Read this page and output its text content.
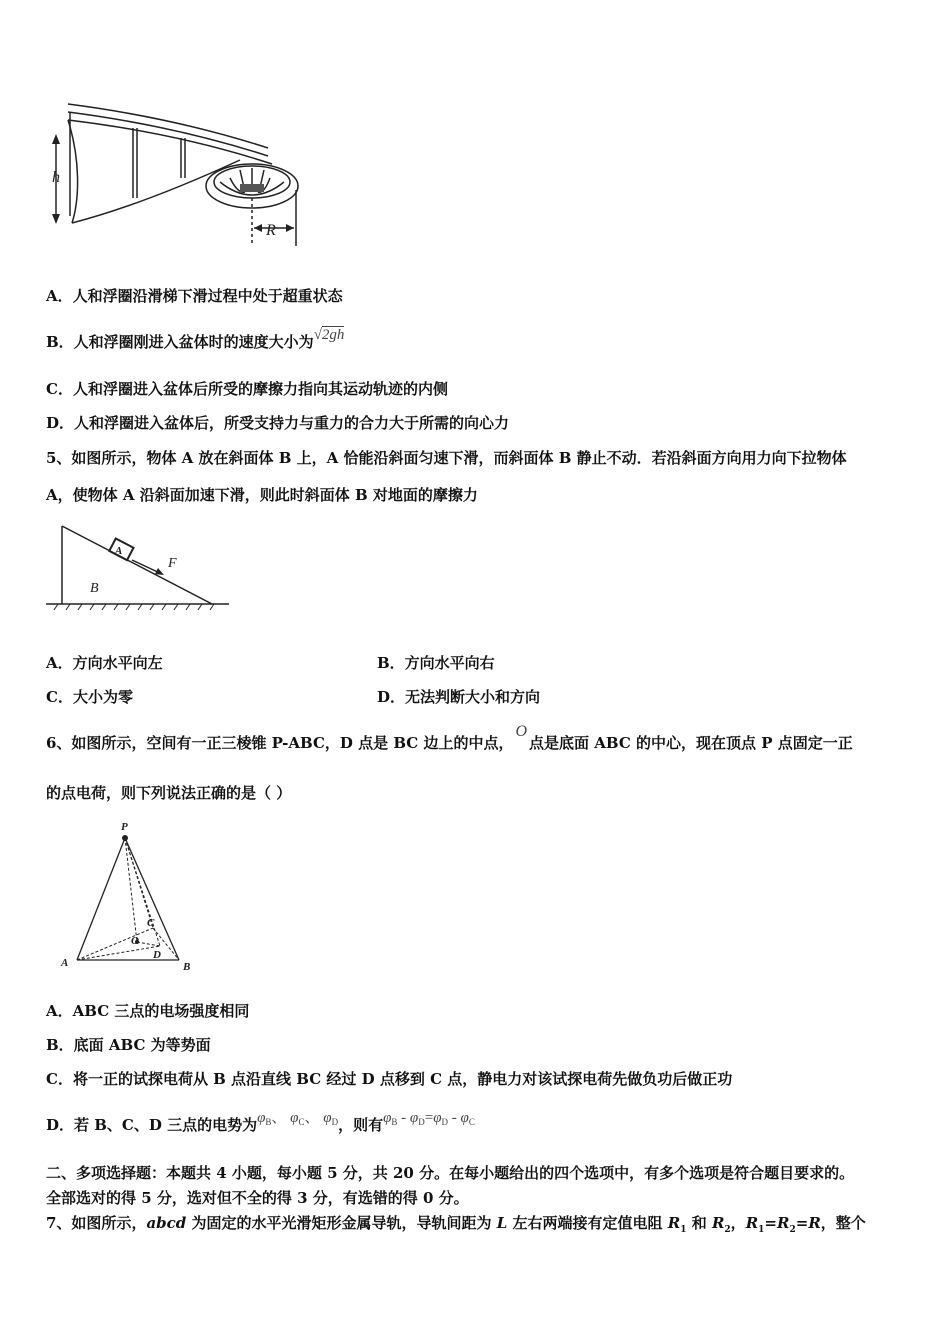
h
R
A．人和浮圈沿滑梯下滑过程中处于超重状态
B．人和浮圈刚进入盆体时的速度大小为√2gh
C．人和浮圈进入盆体后所受的摩擦力指向其运动轨迹的内侧
D．人和浮圈进入盆体后，所受支持力与重力的合力大于所需的向心力
5、如图所示，物体 A 放在斜面体 B 上，A 恰能沿斜面匀速下滑，而斜面体 B 静止不动．若沿斜面方向用力向下拉物体
A，使物体 A 沿斜面加速下滑，则此时斜面体 B 对地面的摩擦力
A
B
F
A．方向水平向左	B．方向水平向右
C．大小为零	D．无法判断大小和方向
6、如图所示，空间有一正三棱锥 P-ABC，D 点是 BC 边上的中点，O点是底面 ABC 的中心，现在顶点 P 点固定一正
的点电荷，则下列说法正确的是（ ）
P
A	B
C
D
O
A．ABC 三点的电场强度相同
B．底面 ABC 为等势面
C．将一正的试探电荷从 B 点沿直线 BC 经过 D 点移到 C 点，静电力对该试探电荷先做负功后做正功
D．若 B、C、D 三点的电势为$\varphi_B$、 $\varphi_C$、 $\varphi_D$，则有$\varphi_B - \varphi_D=\varphi_D - \varphi_C$
二、多项选择题：本题共 4 小题，每小题 5 分，共 20 分。在每小题给出的四个选项中，有多个选项是符合题目要求的。
全部选对的得 5 分，选对但不全的得 3 分，有选错的得 0 分。
7、如图所示，abcd 为固定的水平光滑矩形金属导轨，导轨间距为 L 左右两端接有定值电阻 $R_1$ 和 $R_2$，$R_1=R_2=R$，整个
